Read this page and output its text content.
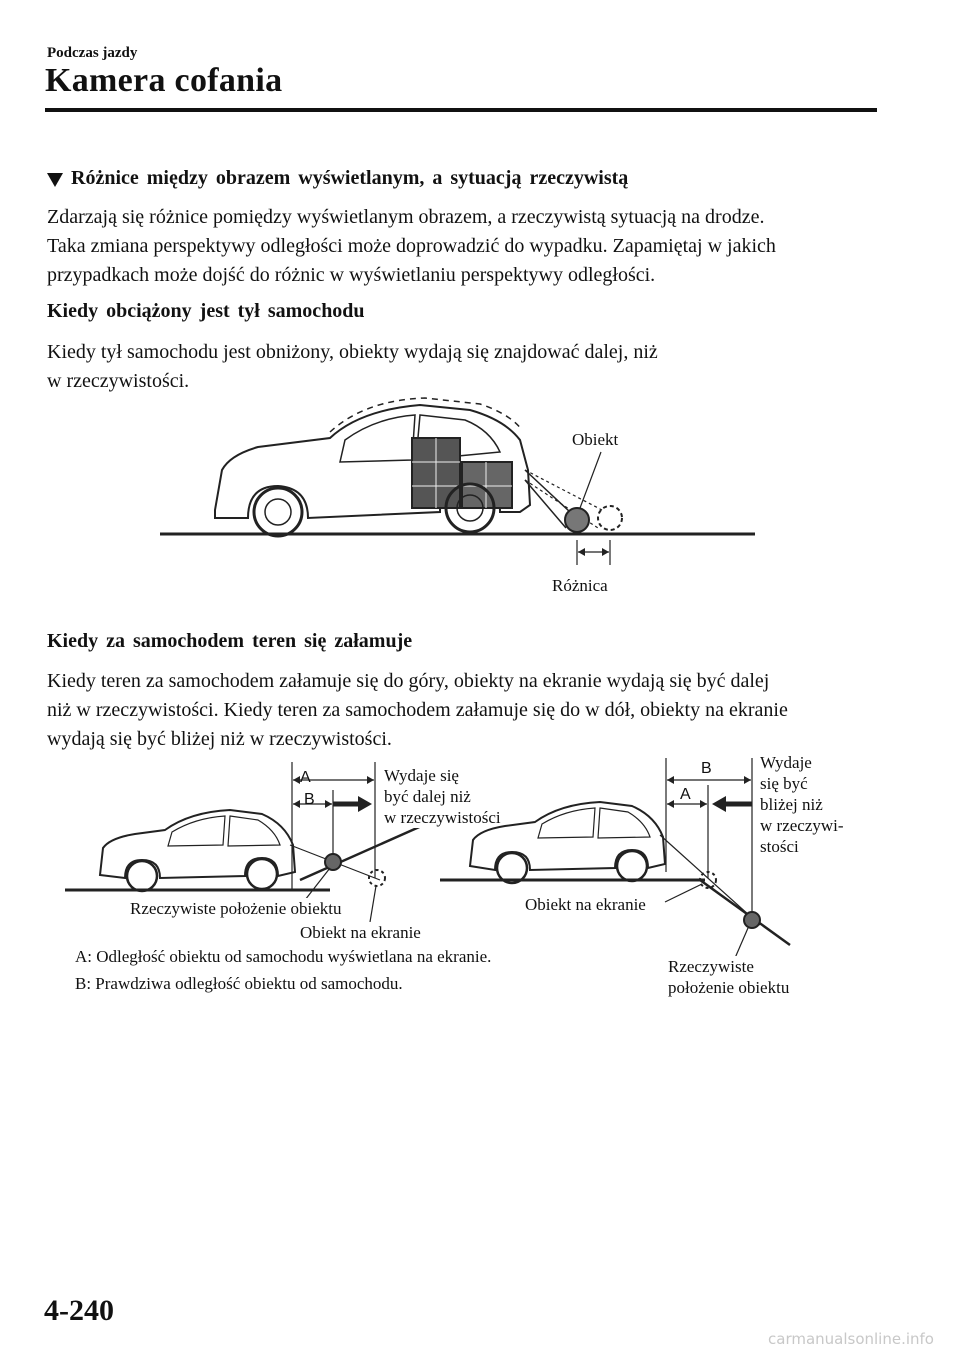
Podczas jazdy
Kamera cofania
Różnice między obrazem wyświetlanym, a sytuacją rzeczywistą
Zdarzają się różnice pomiędzy wyświetlanym obrazem, a rzeczywistą sytuacją na drodze.
Taka zmiana perspektywy odległości może doprowadzić do wypadku. Zapamiętaj w jakich
przypadkach może dojść do różnic w wyświetlaniu perspektywy odległości.
Kiedy obciążony jest tył samochodu
Kiedy tył samochodu jest obniżony, obiekty wydają się znajdować dalej, niż
w rzeczywistości.
Obiekt
Różnica
Kiedy za samochodem teren się załamuje
Kiedy teren za samochodem załamuje się do góry, obiekty na ekranie wydają się być dalej
niż w rzeczywistości. Kiedy teren za samochodem załamuje się do w dół, obiekty na ekranie
wydają się być bliżej niż w rzeczywistości.
A
B
Wydaje się
być dalej niż
w rzeczywistości
Rzeczywiste położenie obiektu
Obiekt na ekranie
B
A
Wydaje
się być
bliżej niż
w rzeczywi-
stości
Obiekt na ekranie
Rzeczywiste
położenie obiektu
A: Odległość obiektu od samochodu wyświetlana na ekranie.
B: Prawdziwa odległość obiektu od samochodu.
4-240
carmanualsonline.info
